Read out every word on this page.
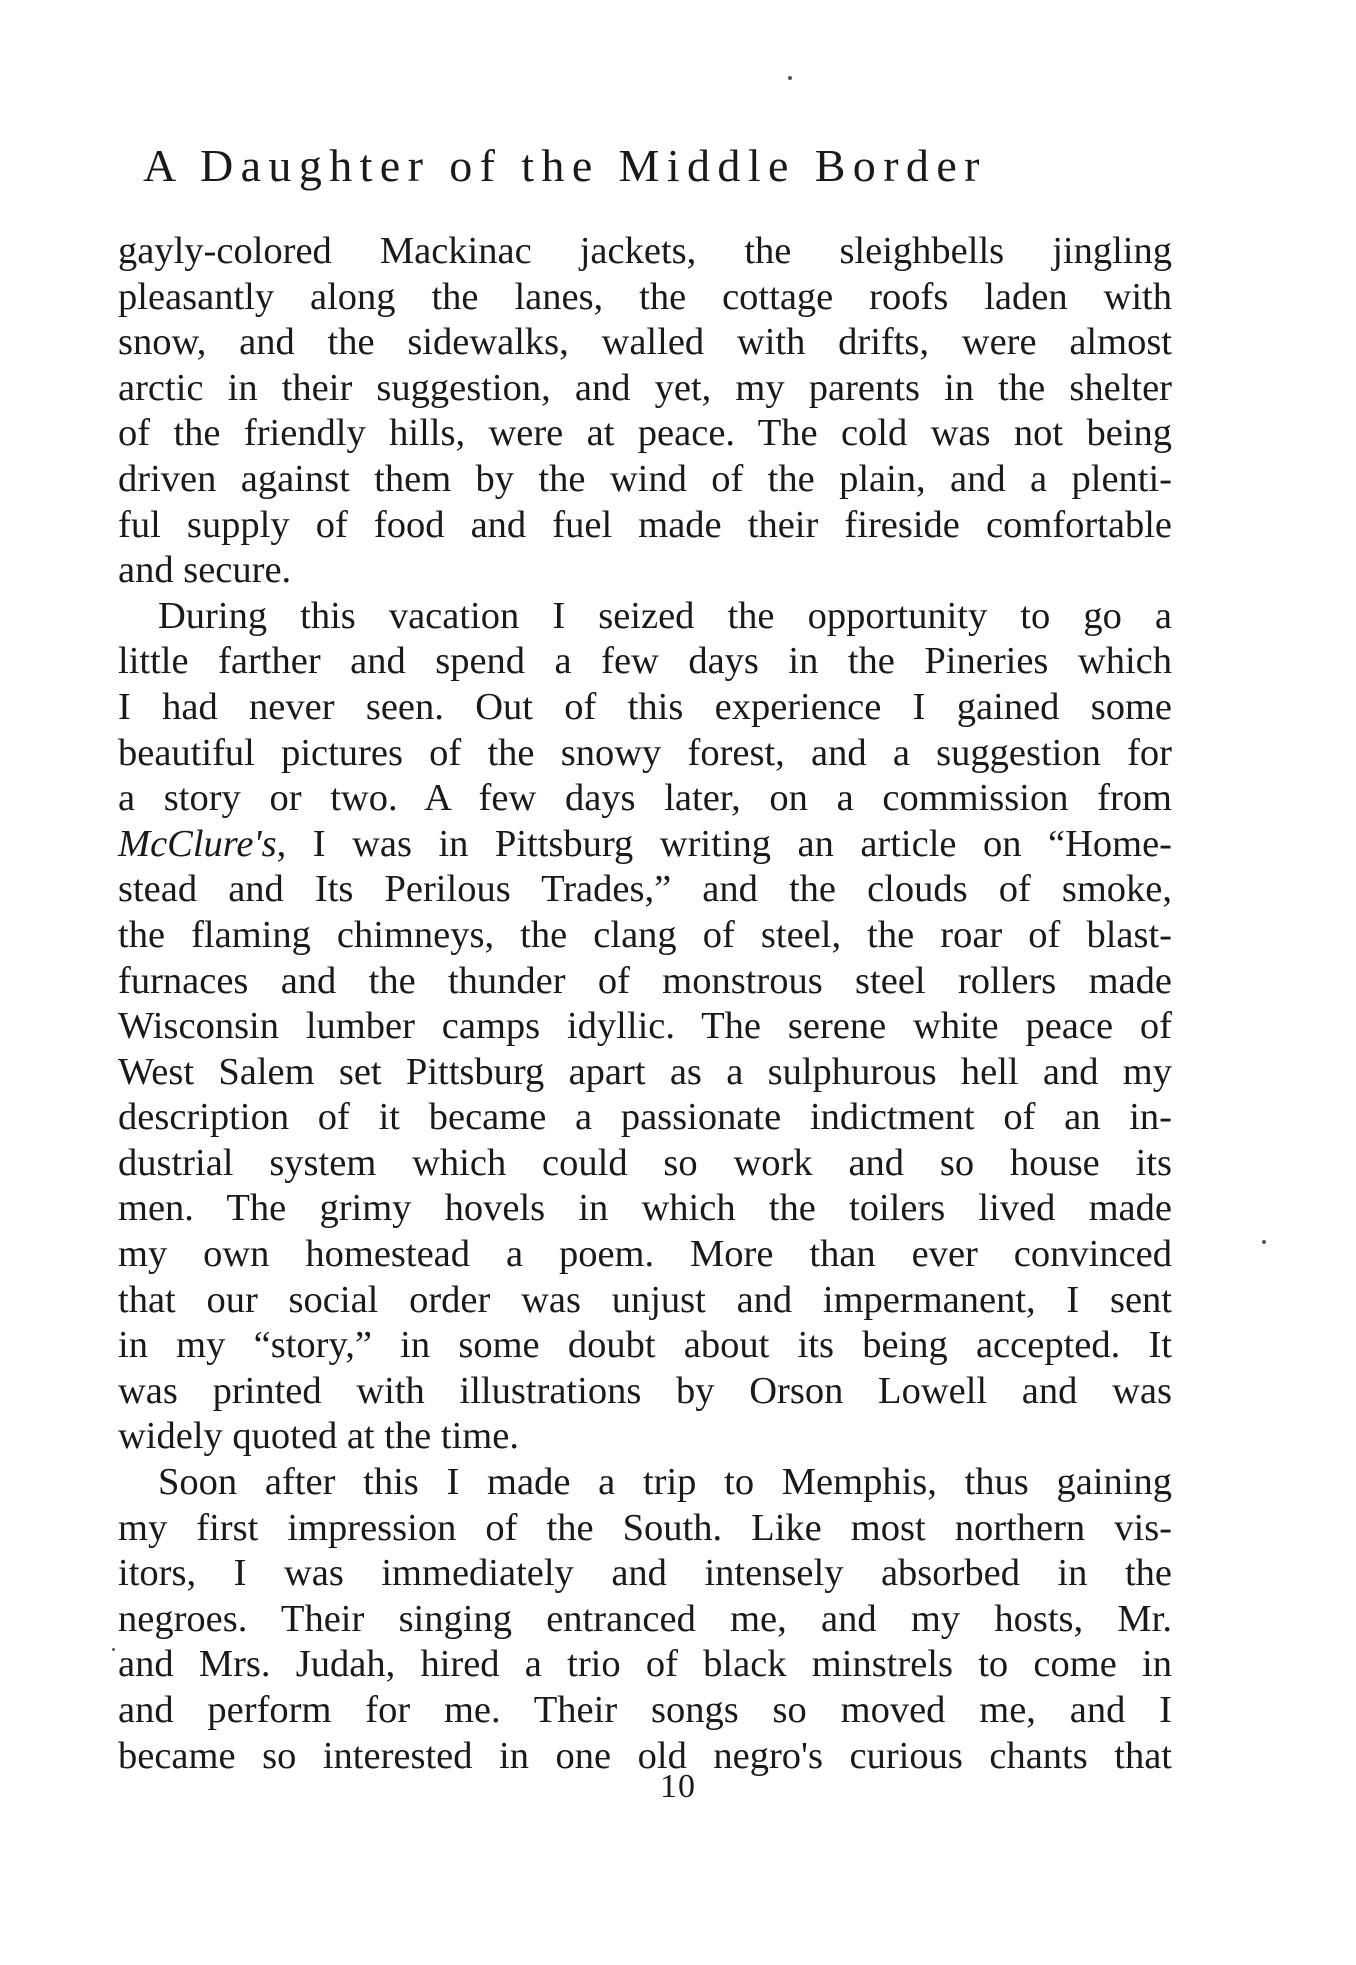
A Daughter of the Middle Border
gayly-colored Mackinac jackets, the sleighbells jingling
pleasantly along the lanes, the cottage roofs laden with
snow, and the sidewalks, walled with drifts, were almost
arctic in their suggestion, and yet, my parents in the shelter
of the friendly hills, were at peace. The cold was not being
driven against them by the wind of the plain, and a plenti-
ful supply of food and fuel made their fireside comfortable
and secure.
During this vacation I seized the opportunity to go a
little farther and spend a few days in the Pineries which
I had never seen. Out of this experience I gained some
beautiful pictures of the snowy forest, and a suggestion for
a story or two. A few days later, on a commission from
McClure's, I was in Pittsburg writing an article on “Home-
stead and Its Perilous Trades,” and the clouds of smoke,
the flaming chimneys, the clang of steel, the roar of blast-
furnaces and the thunder of monstrous steel rollers made
Wisconsin lumber camps idyllic. The serene white peace of
West Salem set Pittsburg apart as a sulphurous hell and my
description of it became a passionate indictment of an in-
dustrial system which could so work and so house its
men. The grimy hovels in which the toilers lived made
my own homestead a poem. More than ever convinced
that our social order was unjust and impermanent, I sent
in my “story,” in some doubt about its being accepted. It
was printed with illustrations by Orson Lowell and was
widely quoted at the time.
Soon after this I made a trip to Memphis, thus gaining
my first impression of the South. Like most northern vis-
itors, I was immediately and intensely absorbed in the
negroes. Their singing entranced me, and my hosts, Mr.
and Mrs. Judah, hired a trio of black minstrels to come in
and perform for me. Their songs so moved me, and I
became so interested in one old negro's curious chants that
10
